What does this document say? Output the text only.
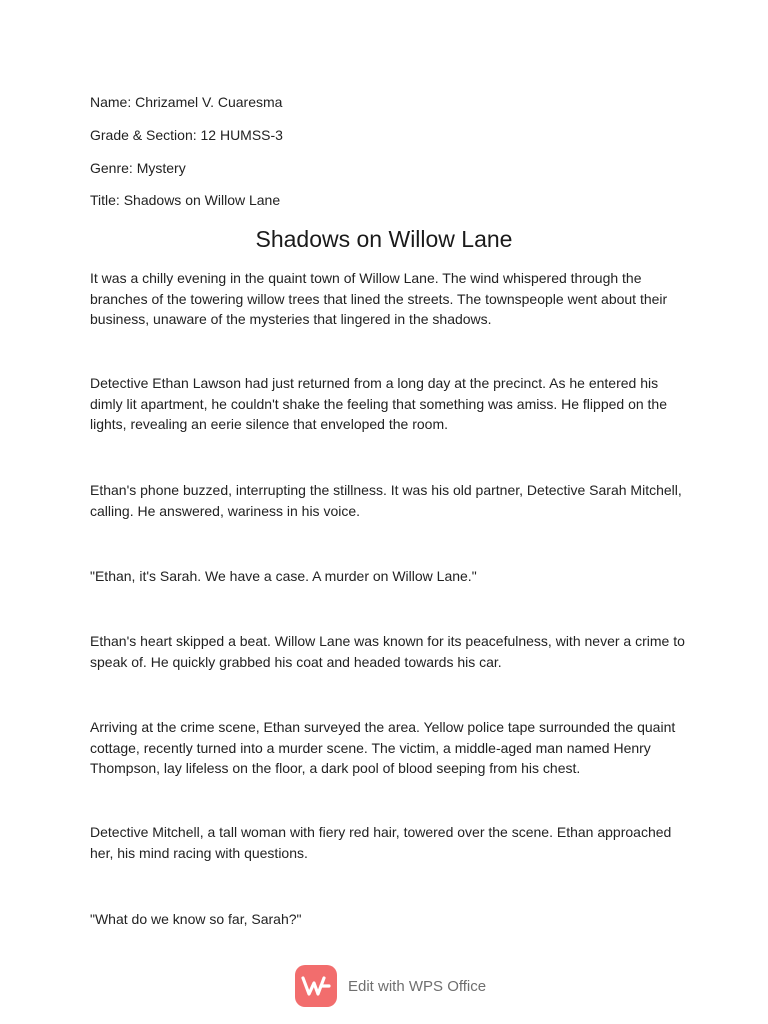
Name: Chrizamel V. Cuaresma
Grade & Section: 12 HUMSS-3
Genre: Mystery
Title: Shadows on Willow Lane
Shadows on Willow Lane

It was a chilly evening in the quaint town of Willow Lane. The wind whispered through the branches of the towering willow trees that lined the streets. The townspeople went about their business, unaware of the mysteries that lingered in the shadows.

Detective Ethan Lawson had just returned from a long day at the precinct. As he entered his dimly lit apartment, he couldn't shake the feeling that something was amiss. He flipped on the lights, revealing an eerie silence that enveloped the room.

Ethan's phone buzzed, interrupting the stillness. It was his old partner, Detective Sarah Mitchell, calling. He answered, wariness in his voice.

"Ethan, it's Sarah. We have a case. A murder on Willow Lane."

Ethan's heart skipped a beat. Willow Lane was known for its peacefulness, with never a crime to speak of. He quickly grabbed his coat and headed towards his car.

Arriving at the crime scene, Ethan surveyed the area. Yellow police tape surrounded the quaint cottage, recently turned into a murder scene. The victim, a middle-aged man named Henry Thompson, lay lifeless on the floor, a dark pool of blood seeping from his chest.

Detective Mitchell, a tall woman with fiery red hair, towered over the scene. Ethan approached her, his mind racing with questions.

"What do we know so far, Sarah?"

Edit with WPS Office
